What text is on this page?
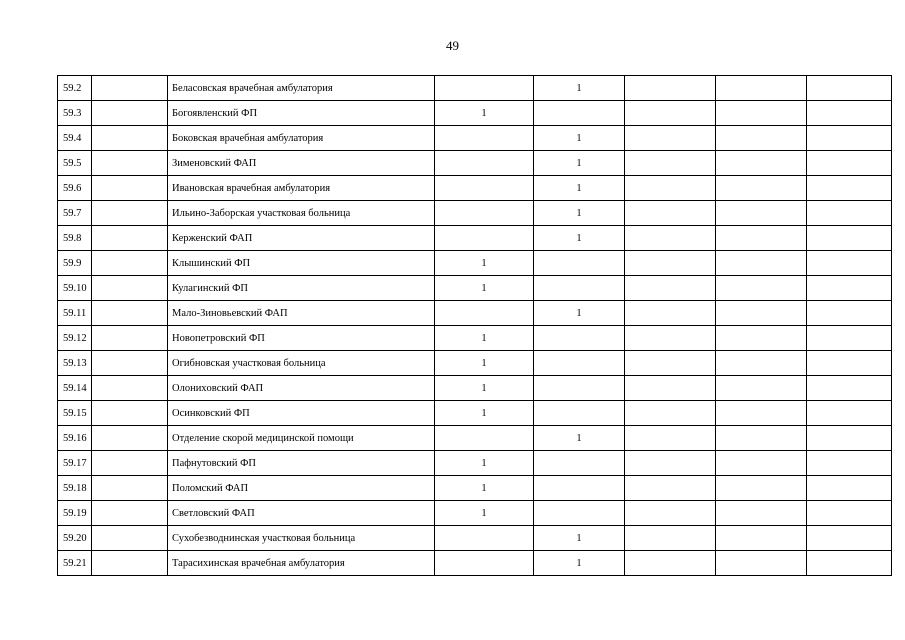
49
59.2		Беласовская врачебная амбулатория		1			
59.3		Богоявленский ФП	1				
59.4		Боковская врачебная амбулатория		1			
59.5		Зименовский ФАП		1			
59.6		Ивановская врачебная амбулатория		1			
59.7		Ильино-Заборская участковая больница		1			
59.8		Керженский ФАП		1			
59.9		Клышинский ФП	1				
59.10		Кулагинский ФП	1				
59.11		Мало-Зиновьевский ФАП		1			
59.12		Новопетровский ФП	1				
59.13		Огибновская участковая больница	1				
59.14		Олонихoвский ФАП	1				
59.15		Осинковский ФП	1				
59.16		Отделение скорой медицинской помощи		1			
59.17		Пафнутовский ФП	1				
59.18		Поломский ФАП	1				
59.19		Светловский ФАП	1				
59.20		Сухобезводнинская участковая больница		1			
59.21		Тарасихинская врачебная амбулатория		1			
